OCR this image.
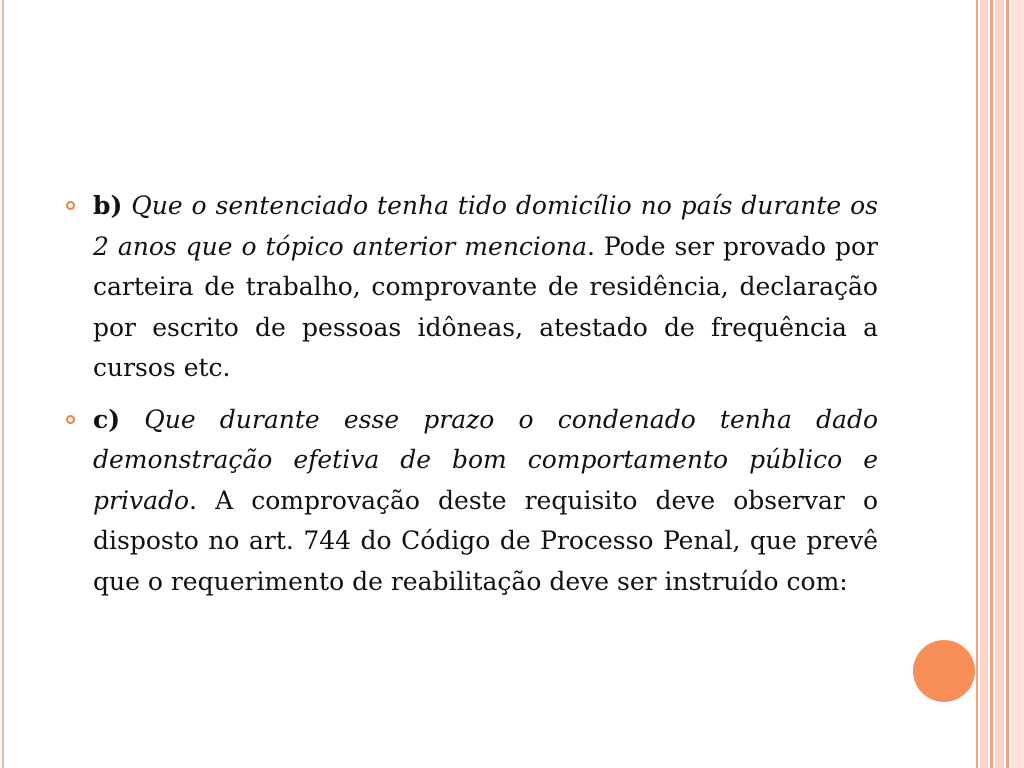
b) Que o sentenciado tenha tido domicílio no país durante os 2 anos que o tópico anterior menciona. Pode ser provado por carteira de trabalho, comprovante de residência, declaração por escrito de pessoas idôneas, atestado de frequência a cursos etc.
c) Que durante esse prazo o condenado tenha dado demonstração efetiva de bom comportamento público e privado. A comprovação deste requisito deve observar o disposto no art. 744 do Código de Processo Penal, que prevê que o requerimento de reabilitação deve ser instruído com:
